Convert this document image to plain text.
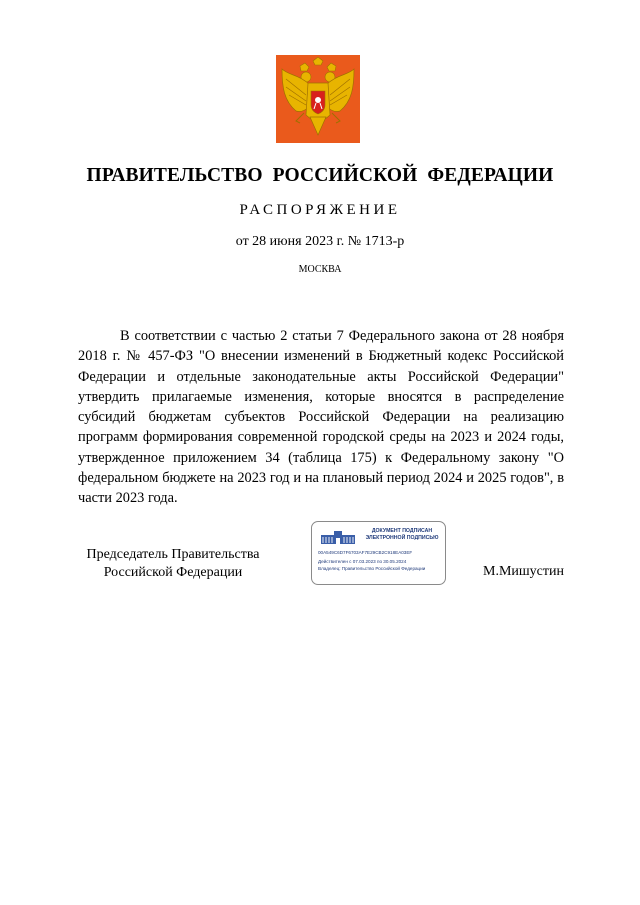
ПРАВИТЕЛЬСТВО РОССИЙСКОЙ ФЕДЕРАЦИИ
РАСПОРЯЖЕНИЕ
от 28 июня 2023 г. № 1713-р
МОСКВА
В соответствии с частью 2 статьи 7 Федерального закона от 28 ноября 2018 г. № 457-ФЗ "О внесении изменений в Бюджетный кодекс Российской Федерации и отдельные законодательные акты Российской Федерации" утвердить прилагаемые изменения, которые вносятся в распределение субсидий бюджетам субъектов Российской Федерации на реализацию программ формирования современной городской среды на 2023 и 2024 годы, утвержденное приложением 34 (таблица 175) к Федеральному закону "О федеральном бюджете на 2023 год и на плановый период 2024 и 2025 годов", в части 2023 года.
Председатель Правительства
Российской Федерации
ДОКУМЕНТ ПОДПИСАН
ЭЛЕКТРОННОЙ ПОДПИСЬЮ
00A549C6D7F6703AF7E29CB2C918EA03EF
Действителен с 07.03.2023 по 30.05.2024
Владелец: Правительство Российской Федерации	М.Мишустин
